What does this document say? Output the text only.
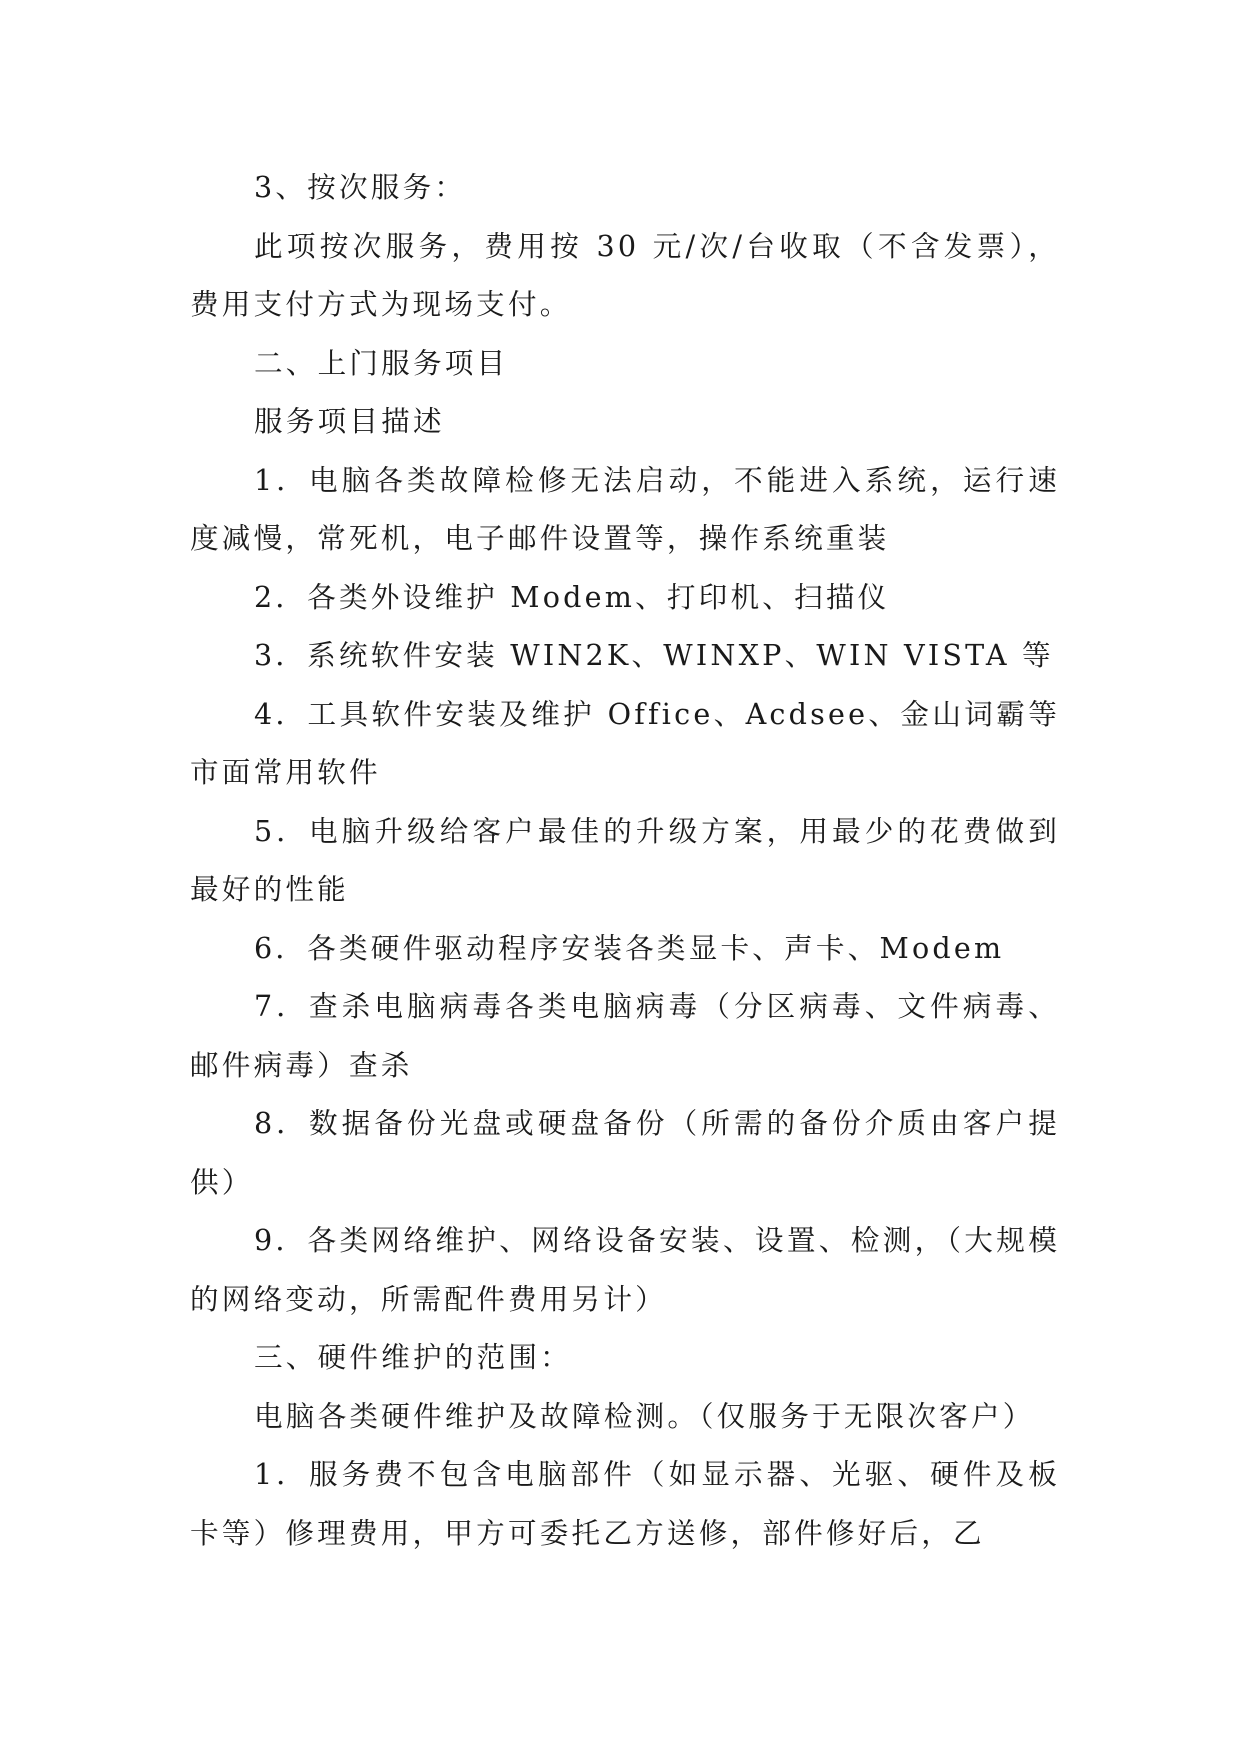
3、按次服务：

此项按次服务，费用按 30 元/次/台收取（不含发票），费用支付方式为现场支付。

二、上门服务项目

服务项目描述

1．电脑各类故障检修无法启动，不能进入系统，运行速度减慢，常死机，电子邮件设置等，操作系统重装

2．各类外设维护 Modem、打印机、扫描仪

3．系统软件安装 WIN2K、WINXP、WIN VISTA 等

4．工具软件安装及维护 Office、Acdsee、金山词霸等市面常用软件

5．电脑升级给客户最佳的升级方案，用最少的花费做到最好的性能

6．各类硬件驱动程序安装各类显卡、声卡、Modem

7．查杀电脑病毒各类电脑病毒（分区病毒、文件病毒、邮件病毒）查杀

8．数据备份光盘或硬盘备份（所需的备份介质由客户提供）

9．各类网络维护、网络设备安装、设置、检测，（大规模的网络变动，所需配件费用另计）

三、硬件维护的范围：

电脑各类硬件维护及故障检测。（仅服务于无限次客户）

1．服务费不包含电脑部件（如显示器、光驱、硬件及板卡等）修理费用，甲方可委托乙方送修，部件修好后，乙
